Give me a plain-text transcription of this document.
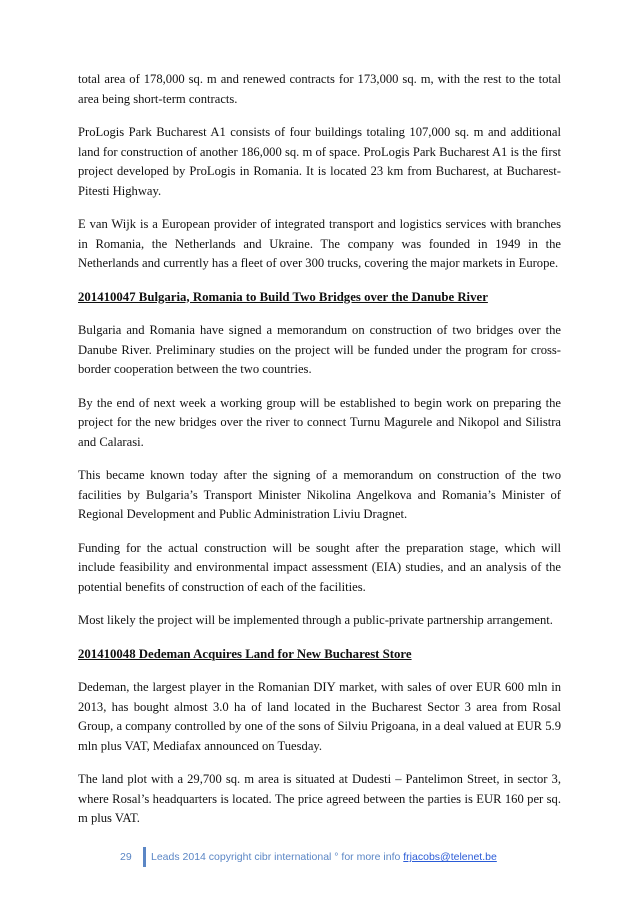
total area of 178,000 sq. m and renewed contracts for 173,000 sq. m, with the rest to the total area being short-term contracts.

ProLogis Park Bucharest A1 consists of four buildings totaling 107,000 sq. m and additional land for construction of another 186,000 sq. m of space. ProLogis Park Bucharest A1 is the first project developed by ProLogis in Romania. It is located 23 km from Bucharest, at Bucharest-Pitesti Highway.

E van Wijk is a European provider of integrated transport and logistics services with branches in Romania, the Netherlands and Ukraine. The company was founded in 1949 in the Netherlands and currently has a fleet of over 300 trucks, covering the major markets in Europe.

201410047 Bulgaria, Romania to Build Two Bridges over the Danube River

Bulgaria and Romania have signed a memorandum on construction of two bridges over the Danube River. Preliminary studies on the project will be funded under the program for cross-border cooperation between the two countries.

By the end of next week a working group will be established to begin work on preparing the project for the new bridges over the river to connect Turnu Magurele and Nikopol and Silistra and Calarasi.

This became known today after the signing of a memorandum on construction of the two facilities by Bulgaria’s Transport Minister Nikolina Angelkova and Romania’s Minister of Regional Development and Public Administration Liviu Dragnet.

Funding for the actual construction will be sought after the preparation stage, which will include feasibility and environmental impact assessment (EIA) studies, and an analysis of the potential benefits of construction of each of the facilities.

Most likely the project will be implemented through a public-private partnership arrangement.

201410048 Dedeman Acquires Land for New Bucharest Store

Dedeman, the largest player in the Romanian DIY market, with sales of over EUR 600 mln in 2013, has bought almost 3.0 ha of land located in the Bucharest Sector 3 area from Rosal Group, a company controlled by one of the sons of Silviu Prigoana, in a deal valued at EUR 5.9 mln plus VAT, Mediafax announced on Tuesday.

The land plot with a 29,700 sq. m area is situated at Dudesti – Pantelimon Street, in sector 3, where Rosal’s headquarters is located. The price agreed between the parties is EUR 160 per sq. m plus VAT.

29 Leads 2014 copyright cibr international ° for more info frjacobs@telenet.be
